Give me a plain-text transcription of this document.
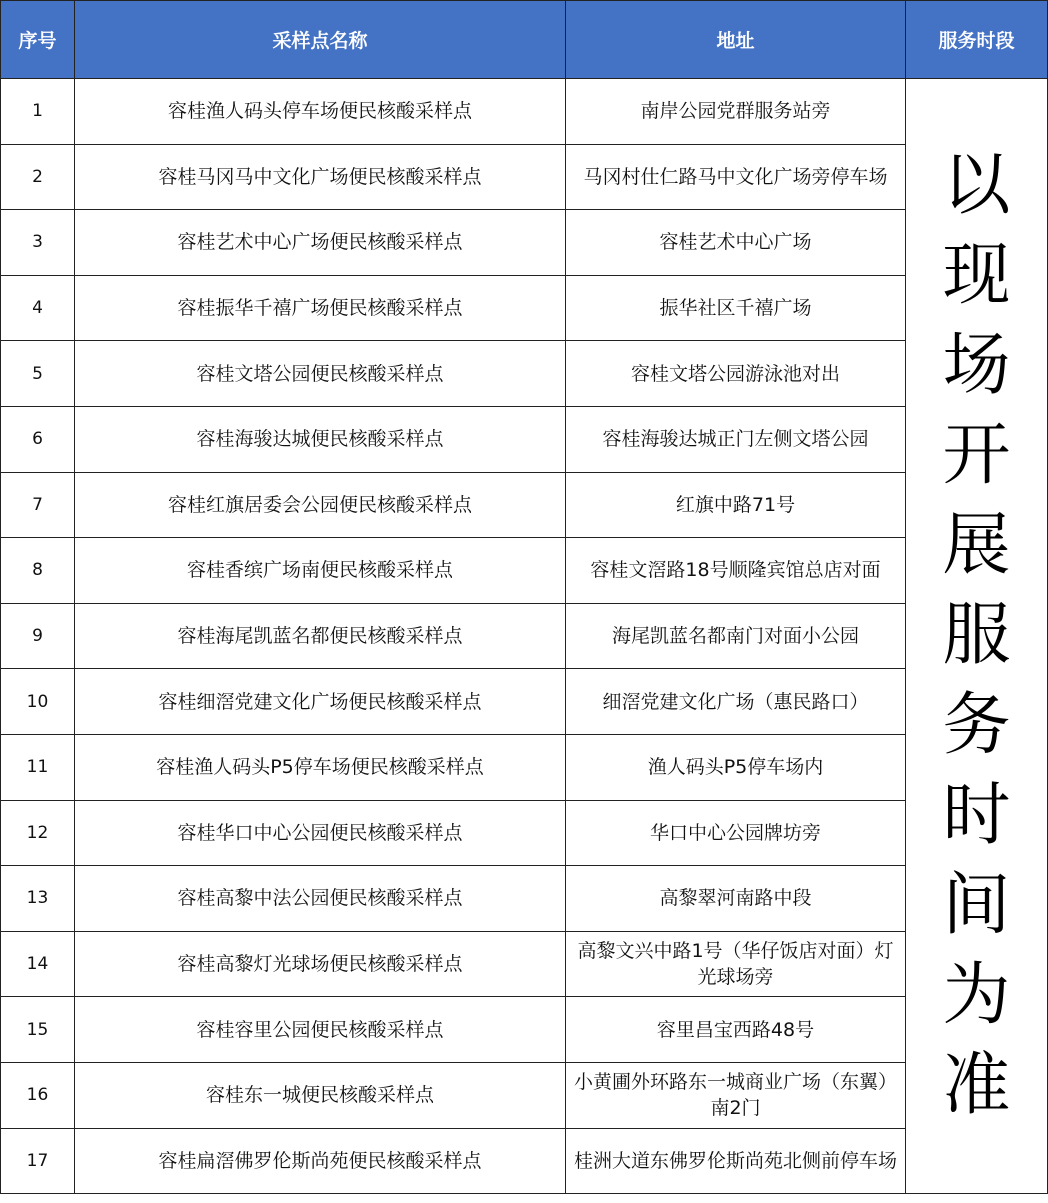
序号	采样点名称	地址	服务时段
1	容桂渔人码头停车场便民核酸采样点	南岸公园党群服务站旁	以现场开展服务时间为准
2	容桂马冈马中文化广场便民核酸采样点	马冈村仕仁路马中文化广场旁停车场	
3	容桂艺术中心广场便民核酸采样点	容桂艺术中心广场	
4	容桂振华千禧广场便民核酸采样点	振华社区千禧广场	
5	容桂文塔公园便民核酸采样点	容桂文塔公园游泳池对出	
6	容桂海骏达城便民核酸采样点	容桂海骏达城正门左侧文塔公园	
7	容桂红旗居委会公园便民核酸采样点	红旗中路71号	
8	容桂香缤广场南便民核酸采样点	容桂文滘路18号顺隆宾馆总店对面	
9	容桂海尾凯蓝名都便民核酸采样点	海尾凯蓝名都南门对面小公园	
10	容桂细滘党建文化广场便民核酸采样点	细滘党建文化广场（惠民路口）	
11	容桂渔人码头P5停车场便民核酸采样点	渔人码头P5停车场内	
12	容桂华口中心公园便民核酸采样点	华口中心公园牌坊旁	
13	容桂高黎中法公园便民核酸采样点	高黎翠河南路中段	
14	容桂高黎灯光球场便民核酸采样点	高黎文兴中路1号（华仔饭店对面）灯光球场旁	
15	容桂容里公园便民核酸采样点	容里昌宝西路48号	
16	容桂东一城便民核酸采样点	小黄圃外环路东一城商业广场（东翼）南2门	
17	容桂扁滘佛罗伦斯尚苑便民核酸采样点	桂洲大道东佛罗伦斯尚苑北侧前停车场	
